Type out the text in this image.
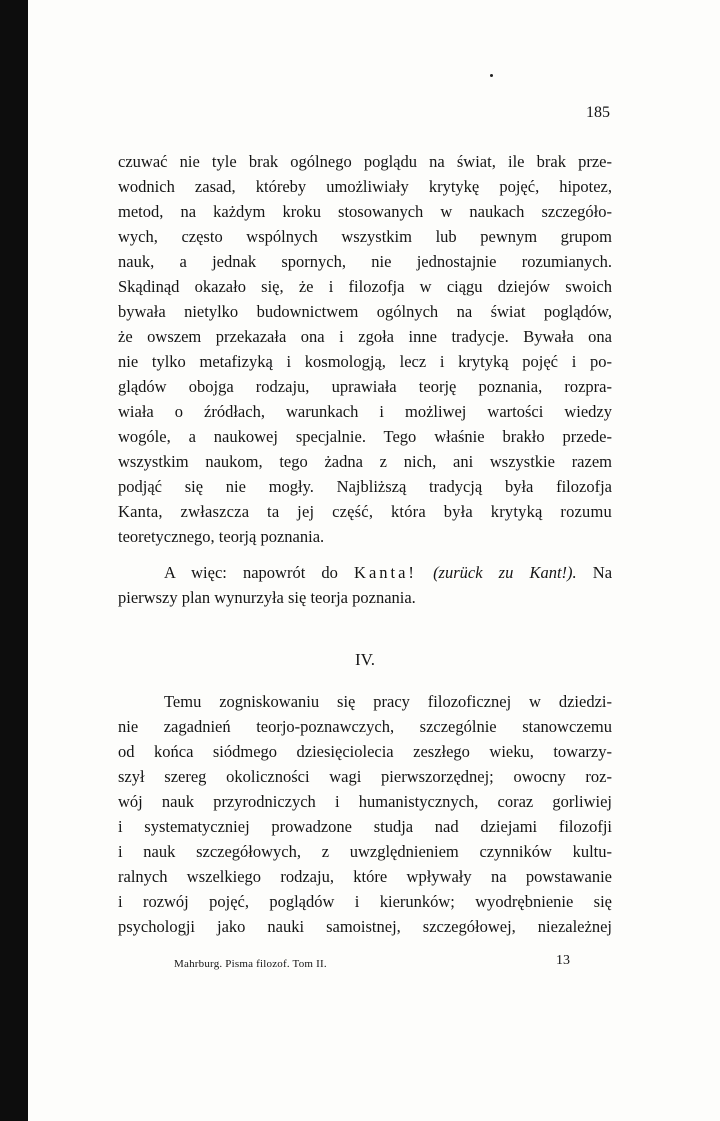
185
czuwać nie tyle brak ogólnego poglądu na świat, ile brak prze-
wodnich zasad, któreby umożliwiały krytykę pojęć, hipotez,
metod, na każdym kroku stosowanych w naukach szczegóło-
wych, często wspólnych wszystkim lub pewnym grupom
nauk, a jednak spornych, nie jednostajnie rozumianych.
Skądinąd okazało się, że i filozofja w ciągu dziejów swoich
bywała nietylko budownictwem ogólnych na świat poglądów,
że owszem przekazała ona i zgoła inne tradycje. Bywała ona
nie tylko metafizyką i kosmologją, lecz i krytyką pojęć i po-
glądów obojga rodzaju, uprawiała teorję poznania, rozpra-
wiała o źródłach, warunkach i możliwej wartości wiedzy
wogóle, a naukowej specjalnie. Tego właśnie brakło przede-
wszystkim naukom, tego żadna z nich, ani wszystkie razem
podjąć się nie mogły. Najbliższą tradycją była filozofja
Kanta, zwłaszcza ta jej część, która była krytyką rozumu
teoretycznego, teorją poznania.
A więc: napowrót do Kanta! (zurück zu Kant!). Na
pierwszy plan wynurzyła się teorja poznania.
IV.
Temu zogniskowaniu się pracy filozoficznej w dziedzi-
nie zagadnień teorjo-poznawczych, szczególnie stanowczemu
od końca siódmego dziesięciolecia zeszłego wieku, towarzy-
szył szereg okoliczności wagi pierwszorzędnej; owocny roz-
wój nauk przyrodniczych i humanistycznych, coraz gorliwiej
i systematyczniej prowadzone studja nad dziejami filozofji
i nauk szczegółowych, z uwzględnieniem czynników kultu-
ralnych wszelkiego rodzaju, które wpływały na powstawanie
i rozwój pojęć, poglądów i kierunków; wyodrębnienie się
psychologji jako nauki samoistnej, szczegółowej, niezależnej
Mahrburg. Pisma filozof. Tom II.	13
